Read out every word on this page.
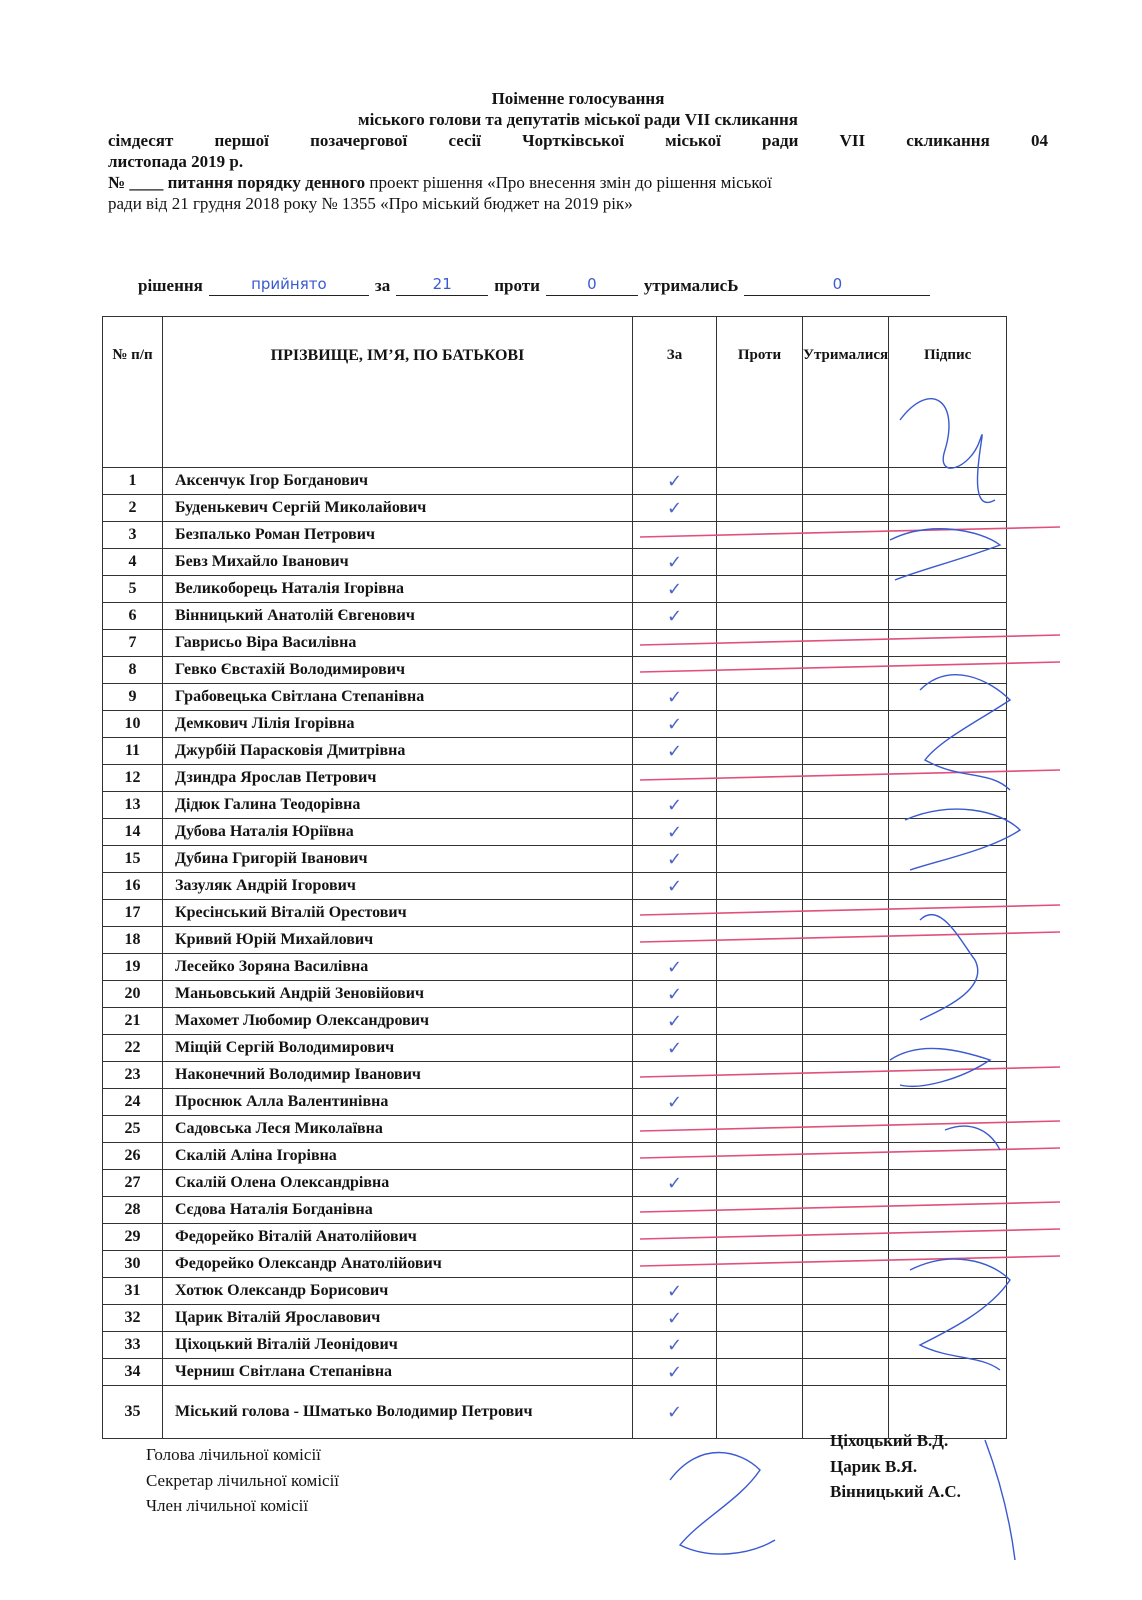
Поіменне голосування
міського голови та депутатів міської ради VII скликання
сімдесят першої позачергової сесії Чортківської міської ради VII скликання 04
листопада 2019 р.
№ ____ питання порядку денного проект рішення «Про внесення змін до рішення міської
ради від 21 грудня 2018 року № 1355 «Про міський бюджет на 2019 рік»
рішення	прийнято	за	21	проти	0	утрималисЬ	0
№ п/п	ПРІЗВИЩЕ, ІМ’Я, ПО БАТЬКОВІ	За	Проти	Утрималися	Підпис
1	Аксенчук Ігор Богданович	✓			
2	Буденькевич Сергій Миколайович	✓			
3	Безпалько Роман Петрович				
4	Бевз Михайло Іванович	✓			
5	Великоборець Наталія Ігорівна	✓			
6	Вінницький Анатолій Євгенович	✓			
7	Гаврисьо Віра Василівна				
8	Гевко Євстахій Володимирович				
9	Грабовецька Світлана Степанівна	✓			
10	Демкович Лілія Ігорівна	✓			
11	Джурбій Парасковія Дмитрівна	✓			
12	Дзиндра Ярослав Петрович				
13	Дідюк Галина Теодорівна	✓			
14	Дубова Наталія Юріївна	✓			
15	Дубина Григорій Іванович	✓			
16	Зазуляк Андрій Ігорович	✓			
17	Кресінський Віталій Орестович				
18	Кривий Юрій Михайлович				
19	Лесейко Зоряна Василівна	✓			
20	Маньовський Андрій Зеновійович	✓			
21	Махомет Любомир Олександрович	✓			
22	Міщій Сергій Володимирович	✓			
23	Наконечний Володимир Іванович				
24	Проснюк Алла Валентинівна	✓			
25	Садовська Леся Миколаївна				
26	Скалій Аліна Ігорівна				
27	Скалій Олена Олександрівна	✓			
28	Сєдова Наталія Богданівна				
29	Федорейко Віталій Анатолійович				
30	Федорейко Олександр Анатолійович				
31	Хотюк Олександр Борисович	✓			
32	Царик Віталій Ярославович	✓			
33	Ціхоцький Віталій Леонідович	✓			
34	Черниш Світлана Степанівна	✓			
35	Міський голова - Шматько Володимир Петрович	✓			
Голова лічильної комісії
Секретар лічильної комісії
Член лічильної комісії
Ціхоцький В.Д.
Царик В.Я.
Вінницький А.С.
